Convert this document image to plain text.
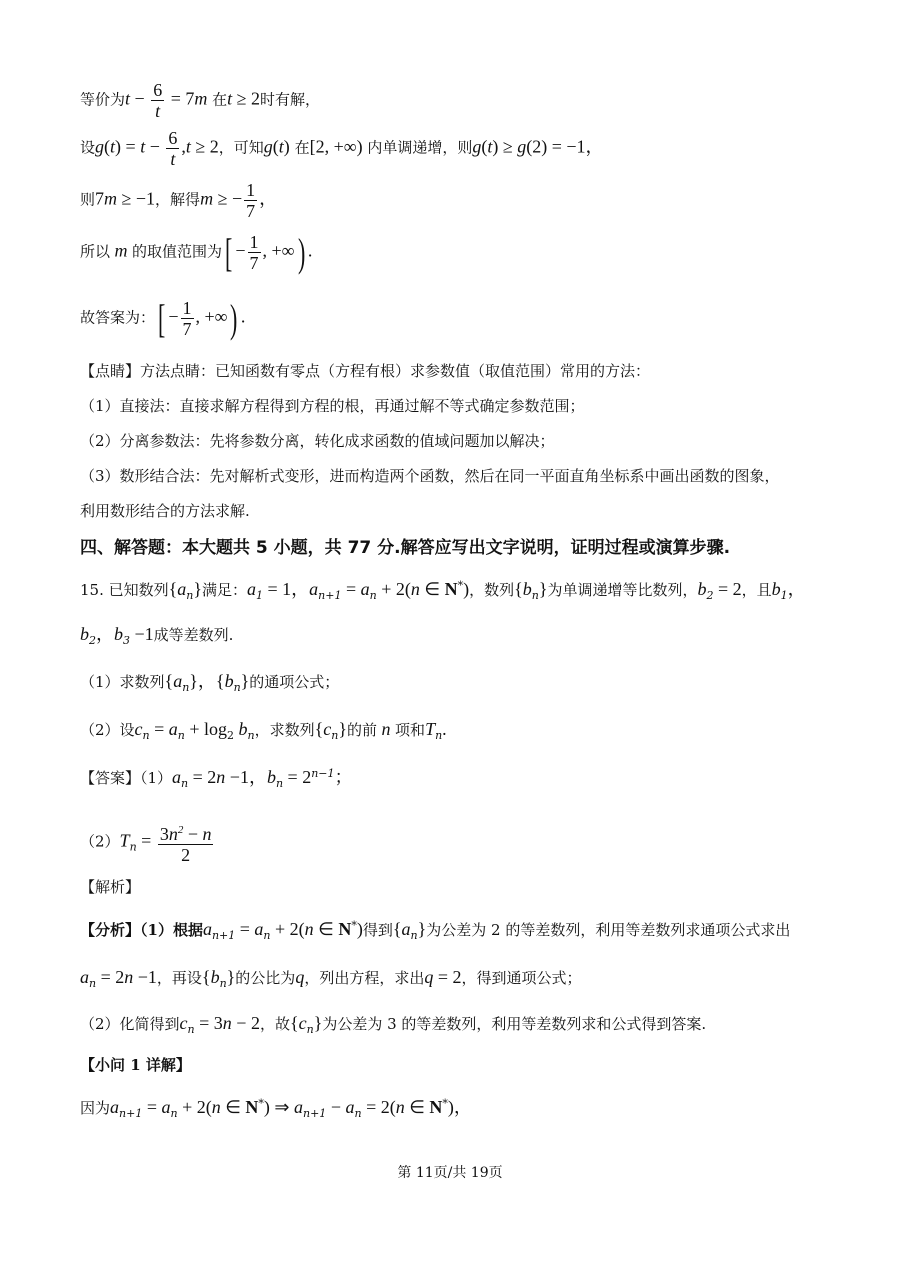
等价为$t - \frac{6}{t} = 7m$ 在t ≥ 2时有解，
设$g(t) = t - \frac{6}{t} ,t \ge 2$，可知g(t) 在[2, +∞) 内单调递增，则g(t) ≥ g(2) = −1，
则7m ≥ −1，解得m ≥ − $\frac{1}{7}$ ，
所以 m 的取值范围为[ − $\frac{1}{7}$ , +∞) .
故答案为：[ − $\frac{1}{7}$ , +∞) .
【点睛】方法点睛：已知函数有零点（方程有根）求参数值（取值范围）常用的方法：
（1）直接法：直接求解方程得到方程的根，再通过解不等式确定参数范围；
（2）分离参数法：先将参数分离，转化成求函数的值域问题加以解决；
（3）数形结合法：先对解析式变形，进而构造两个函数，然后在同一平面直角坐标系中画出函数的图象，
利用数形结合的方法求解.
四、解答题：本大题共 5 小题，共 77 分.解答应写出文字说明，证明过程或演算步骤.
15. 已知数列$\{a_n\}$满足：$a_1 = 1$，$a_{n+1} = a_n + 2(n$ ∈ N*)，数列$\{b_n\}$为单调递增等比数列，$b_2 = 2$，且$b_1$，
$b_2$，$b_3 -1$成等差数列.
（1）求数列$\{a_n\}$，$\{b_n\}$的通项公式；
（2）设$c_n = a_n + \log_2 b_n$，求数列$\{c_n\}$的前 n 项和$T_n$.
【答案】$(1)a_n = 2n -1$，$b_n = 2^{n-1}$；
$(2)T_n = \frac{3n^2 - n}{2}$
【解析】
【分析】（1）根据$a_{n+1} = a_n + 2(n$ ∈ N*)得到$\{a_n\}$为公差为 2 的等差数列，利用等差数列求通项公式求出
$a_n = 2n -1$，再设$\{b_n\}$的公比为q，列出方程，求出q = 2，得到通项公式；
（2）化简得到$c_n = 3n - 2$，故$\{c_n\}$为公差为 3 的等差数列，利用等差数列求和公式得到答案.
【小问 1 详解】
因为$a_{n+1} = a_n + 2(n$ ∈ N*) ⇒ $a_{n+1} - a_n = 2(n$ ∈ N*)，
第 11页/共 19页
